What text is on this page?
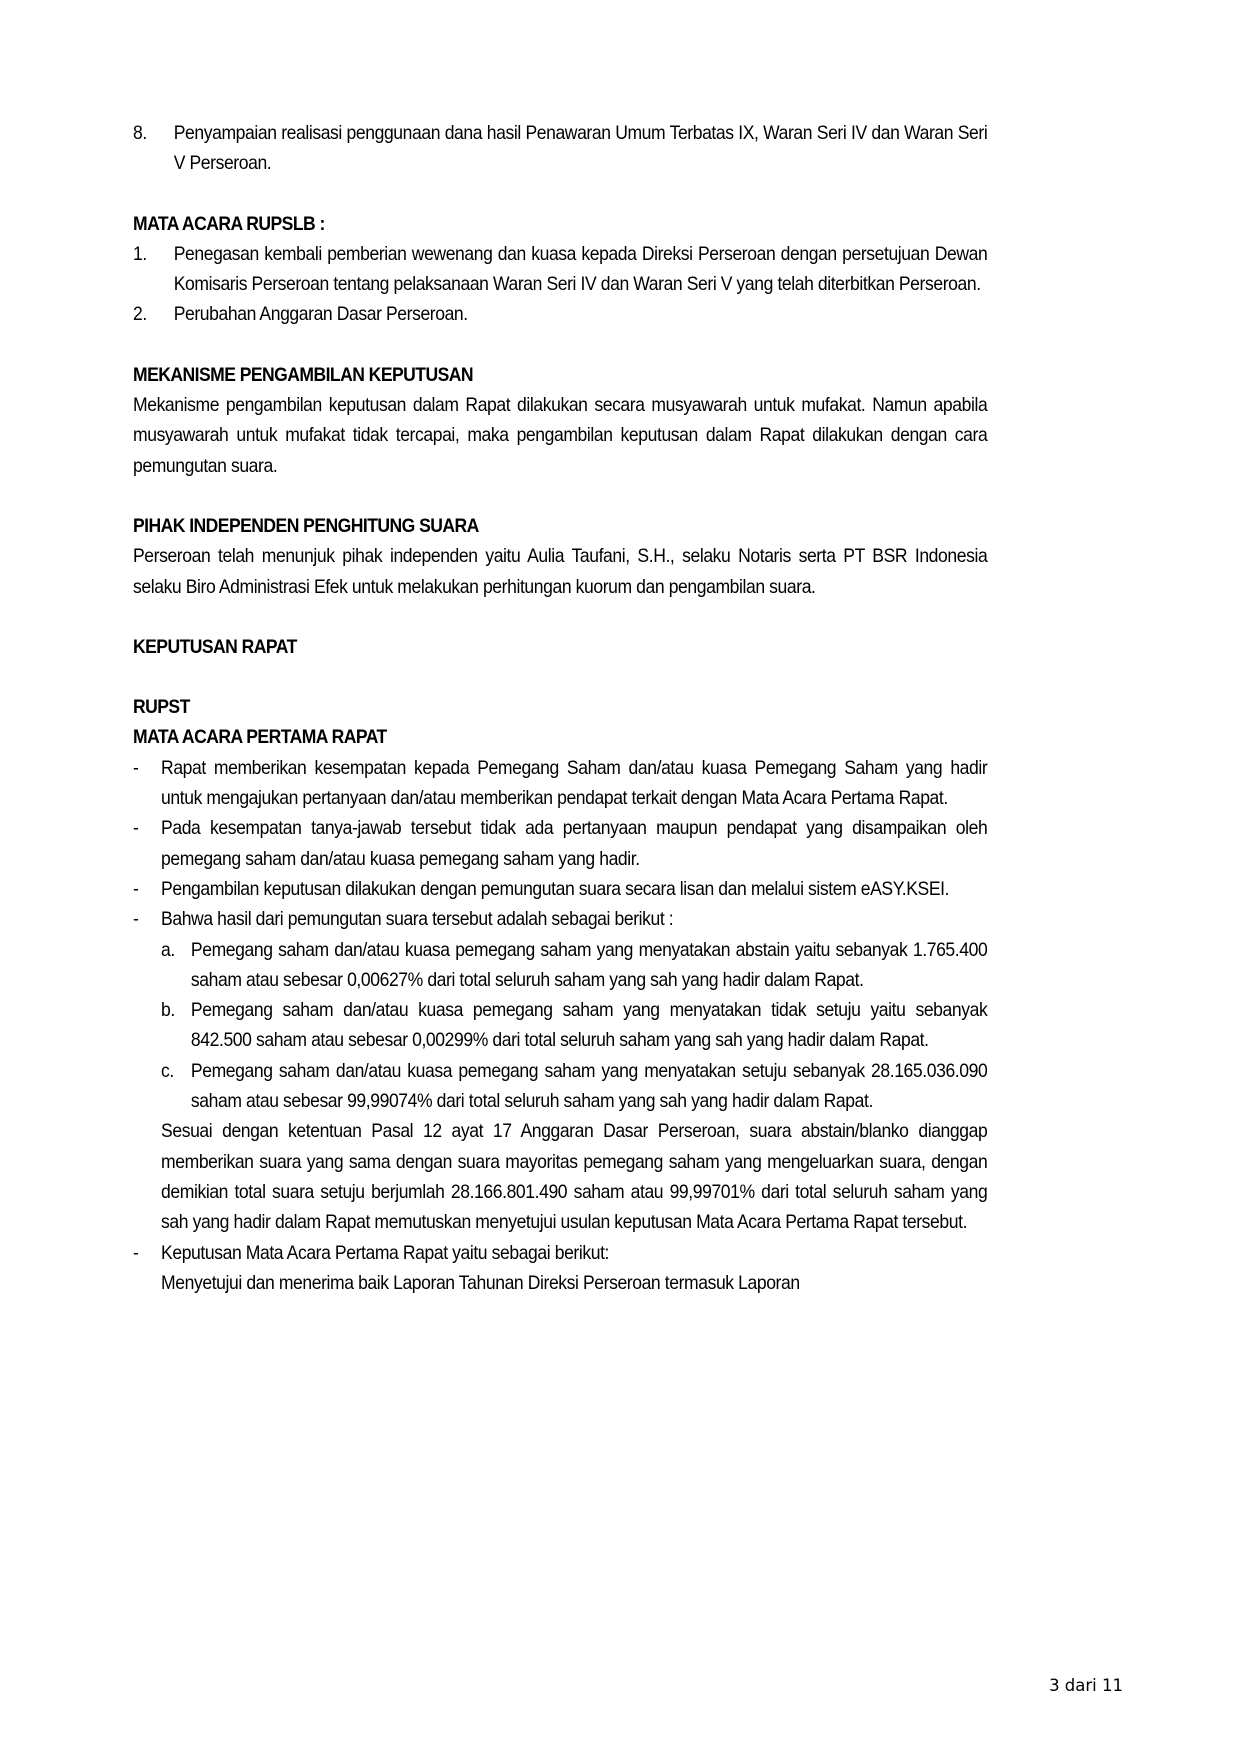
8.	Penyampaian realisasi penggunaan dana hasil Penawaran Umum Terbatas IX, Waran Seri IV dan Waran Seri V Perseroan.
MATA ACARA RUPSLB :
1.	Penegasan kembali pemberian wewenang dan kuasa kepada Direksi Perseroan dengan persetujuan Dewan Komisaris Perseroan tentang pelaksanaan Waran Seri IV dan Waran Seri V yang telah diterbitkan Perseroan.
2.	Perubahan Anggaran Dasar Perseroan.
MEKANISME PENGAMBILAN KEPUTUSAN
Mekanisme pengambilan keputusan dalam Rapat dilakukan secara musyawarah untuk mufakat. Namun apabila musyawarah untuk mufakat tidak tercapai, maka pengambilan keputusan dalam Rapat dilakukan dengan cara pemungutan suara.
PIHAK INDEPENDEN PENGHITUNG SUARA
Perseroan telah menunjuk pihak independen yaitu Aulia Taufani, S.H., selaku Notaris serta PT BSR Indonesia selaku Biro Administrasi Efek untuk melakukan perhitungan kuorum dan pengambilan suara.
KEPUTUSAN RAPAT
RUPST
MATA ACARA PERTAMA RAPAT
-	Rapat memberikan kesempatan kepada Pemegang Saham dan/atau kuasa Pemegang Saham yang hadir untuk mengajukan pertanyaan dan/atau memberikan pendapat terkait dengan Mata Acara Pertama Rapat.
-	Pada kesempatan tanya-jawab tersebut tidak ada pertanyaan maupun pendapat yang disampaikan oleh pemegang saham dan/atau kuasa pemegang saham yang hadir.
-	Pengambilan keputusan dilakukan dengan pemungutan suara secara lisan dan melalui sistem eASY.KSEI.
-	Bahwa hasil dari pemungutan suara tersebut adalah sebagai berikut :
a. Pemegang saham dan/atau kuasa pemegang saham yang menyatakan abstain yaitu sebanyak 1.765.400 saham atau sebesar 0,00627% dari total seluruh saham yang sah yang hadir dalam Rapat.
b. Pemegang saham dan/atau kuasa pemegang saham yang menyatakan tidak setuju yaitu sebanyak 842.500 saham atau sebesar 0,00299% dari total seluruh saham yang sah yang hadir dalam Rapat.
c. Pemegang saham dan/atau kuasa pemegang saham yang menyatakan setuju sebanyak 28.165.036.090 saham atau sebesar 99,99074% dari total seluruh saham yang sah yang hadir dalam Rapat.
Sesuai dengan ketentuan Pasal 12 ayat 17 Anggaran Dasar Perseroan, suara abstain/blanko dianggap memberikan suara yang sama dengan suara mayoritas pemegang saham yang mengeluarkan suara, dengan demikian total suara setuju berjumlah 28.166.801.490 saham atau 99,99701% dari total seluruh saham yang sah yang hadir dalam Rapat memutuskan menyetujui usulan keputusan Mata Acara Pertama Rapat tersebut.
-	Keputusan Mata Acara Pertama Rapat yaitu sebagai berikut:
Menyetujui dan menerima baik Laporan Tahunan Direksi Perseroan termasuk Laporan
3 dari 11
